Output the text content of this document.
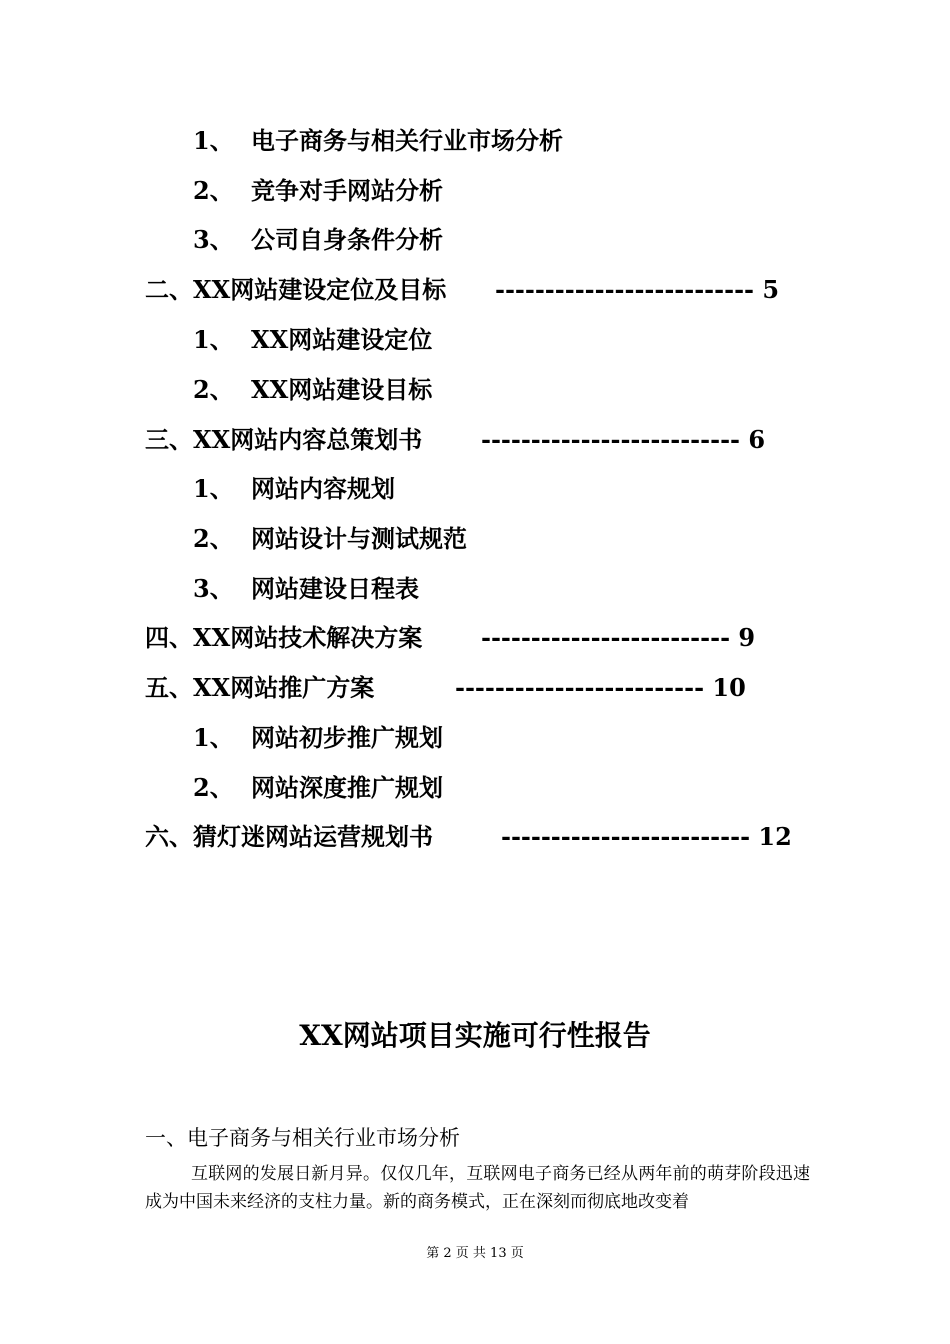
1、 电子商务与相关行业市场分析
2、 竞争对手网站分析
3、 公司自身条件分析
二、XX网站建设定位及目标 -------------------------- 5
1、 XX网站建设定位
2、 XX网站建设目标
三、XX网站内容总策划书 -------------------------- 6
1、 网站内容规划
2、 网站设计与测试规范
3、 网站建设日程表
四、XX网站技术解决方案 ------------------------- 9
五、XX网站推广方案	------------------------- 10
1、 网站初步推广规划
2、 网站深度推广规划
六、猜灯迷网站运营规划书	------------------------- 12
XX网站项目实施可行性报告
一、电子商务与相关行业市场分析
互联网的发展日新月异。仅仅几年，互联网电子商务已经从两年前的萌芽阶段迅速成为中国未来经济的支柱力量。新的商务模式，正在深刻而彻底地改变着
第 2 页 共 13 页
